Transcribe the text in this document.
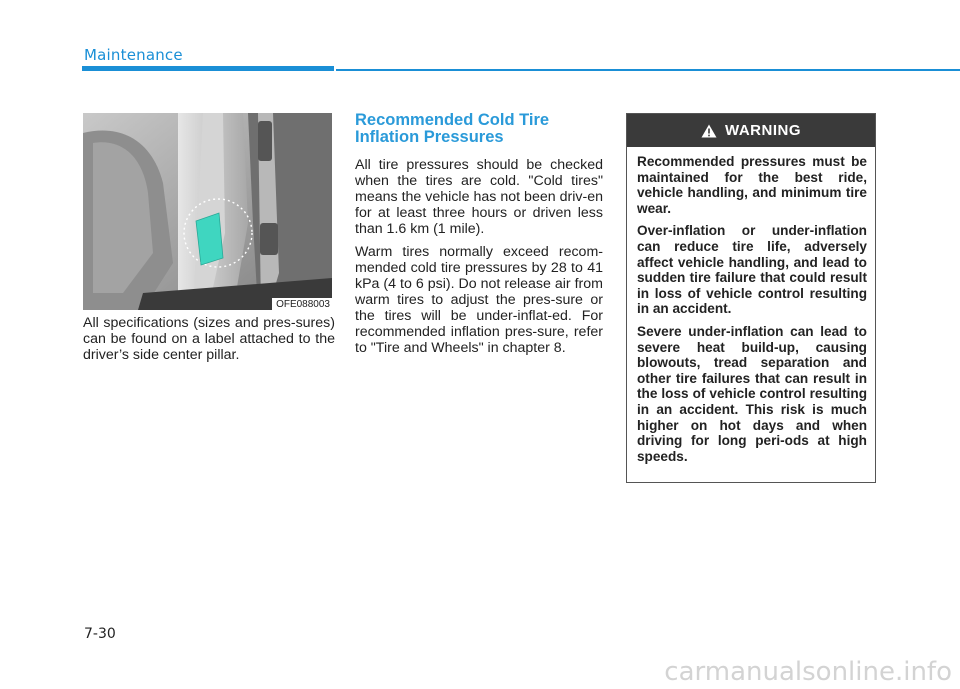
Maintenance
OFE088003

All specifications (sizes and pres-sures) can be found on a label attached to the driver’s side center pillar.

Recommended Cold Tire Inflation Pressures

All tire pressures should be checked when the tires are cold. "Cold tires" means the vehicle has not been driv-en for at least three hours or driven less than 1.6 km (1 mile).

Warm tires normally exceed recom-mended cold tire pressures by 28 to 41 kPa (4 to 6 psi). Do not release air from warm tires to adjust the pres-sure or the tires will be under-inflat-ed. For recommended inflation pres-sure, refer to "Tire and Wheels" in chapter 8.

WARNING

Recommended pressures must be maintained for the best ride, vehicle handling, and minimum tire wear.

Over-inflation or under-inflation can reduce tire life, adversely affect vehicle handling, and lead to sudden tire failure that could result in loss of vehicle control resulting in an accident.

Severe under-inflation can lead to severe heat build-up, causing blowouts, tread separation and other tire failures that can result in the loss of vehicle control resulting in an accident. This risk is much higher on hot days and when driving for long peri-ods at high speeds.

7-30
carmanualsonline.info
